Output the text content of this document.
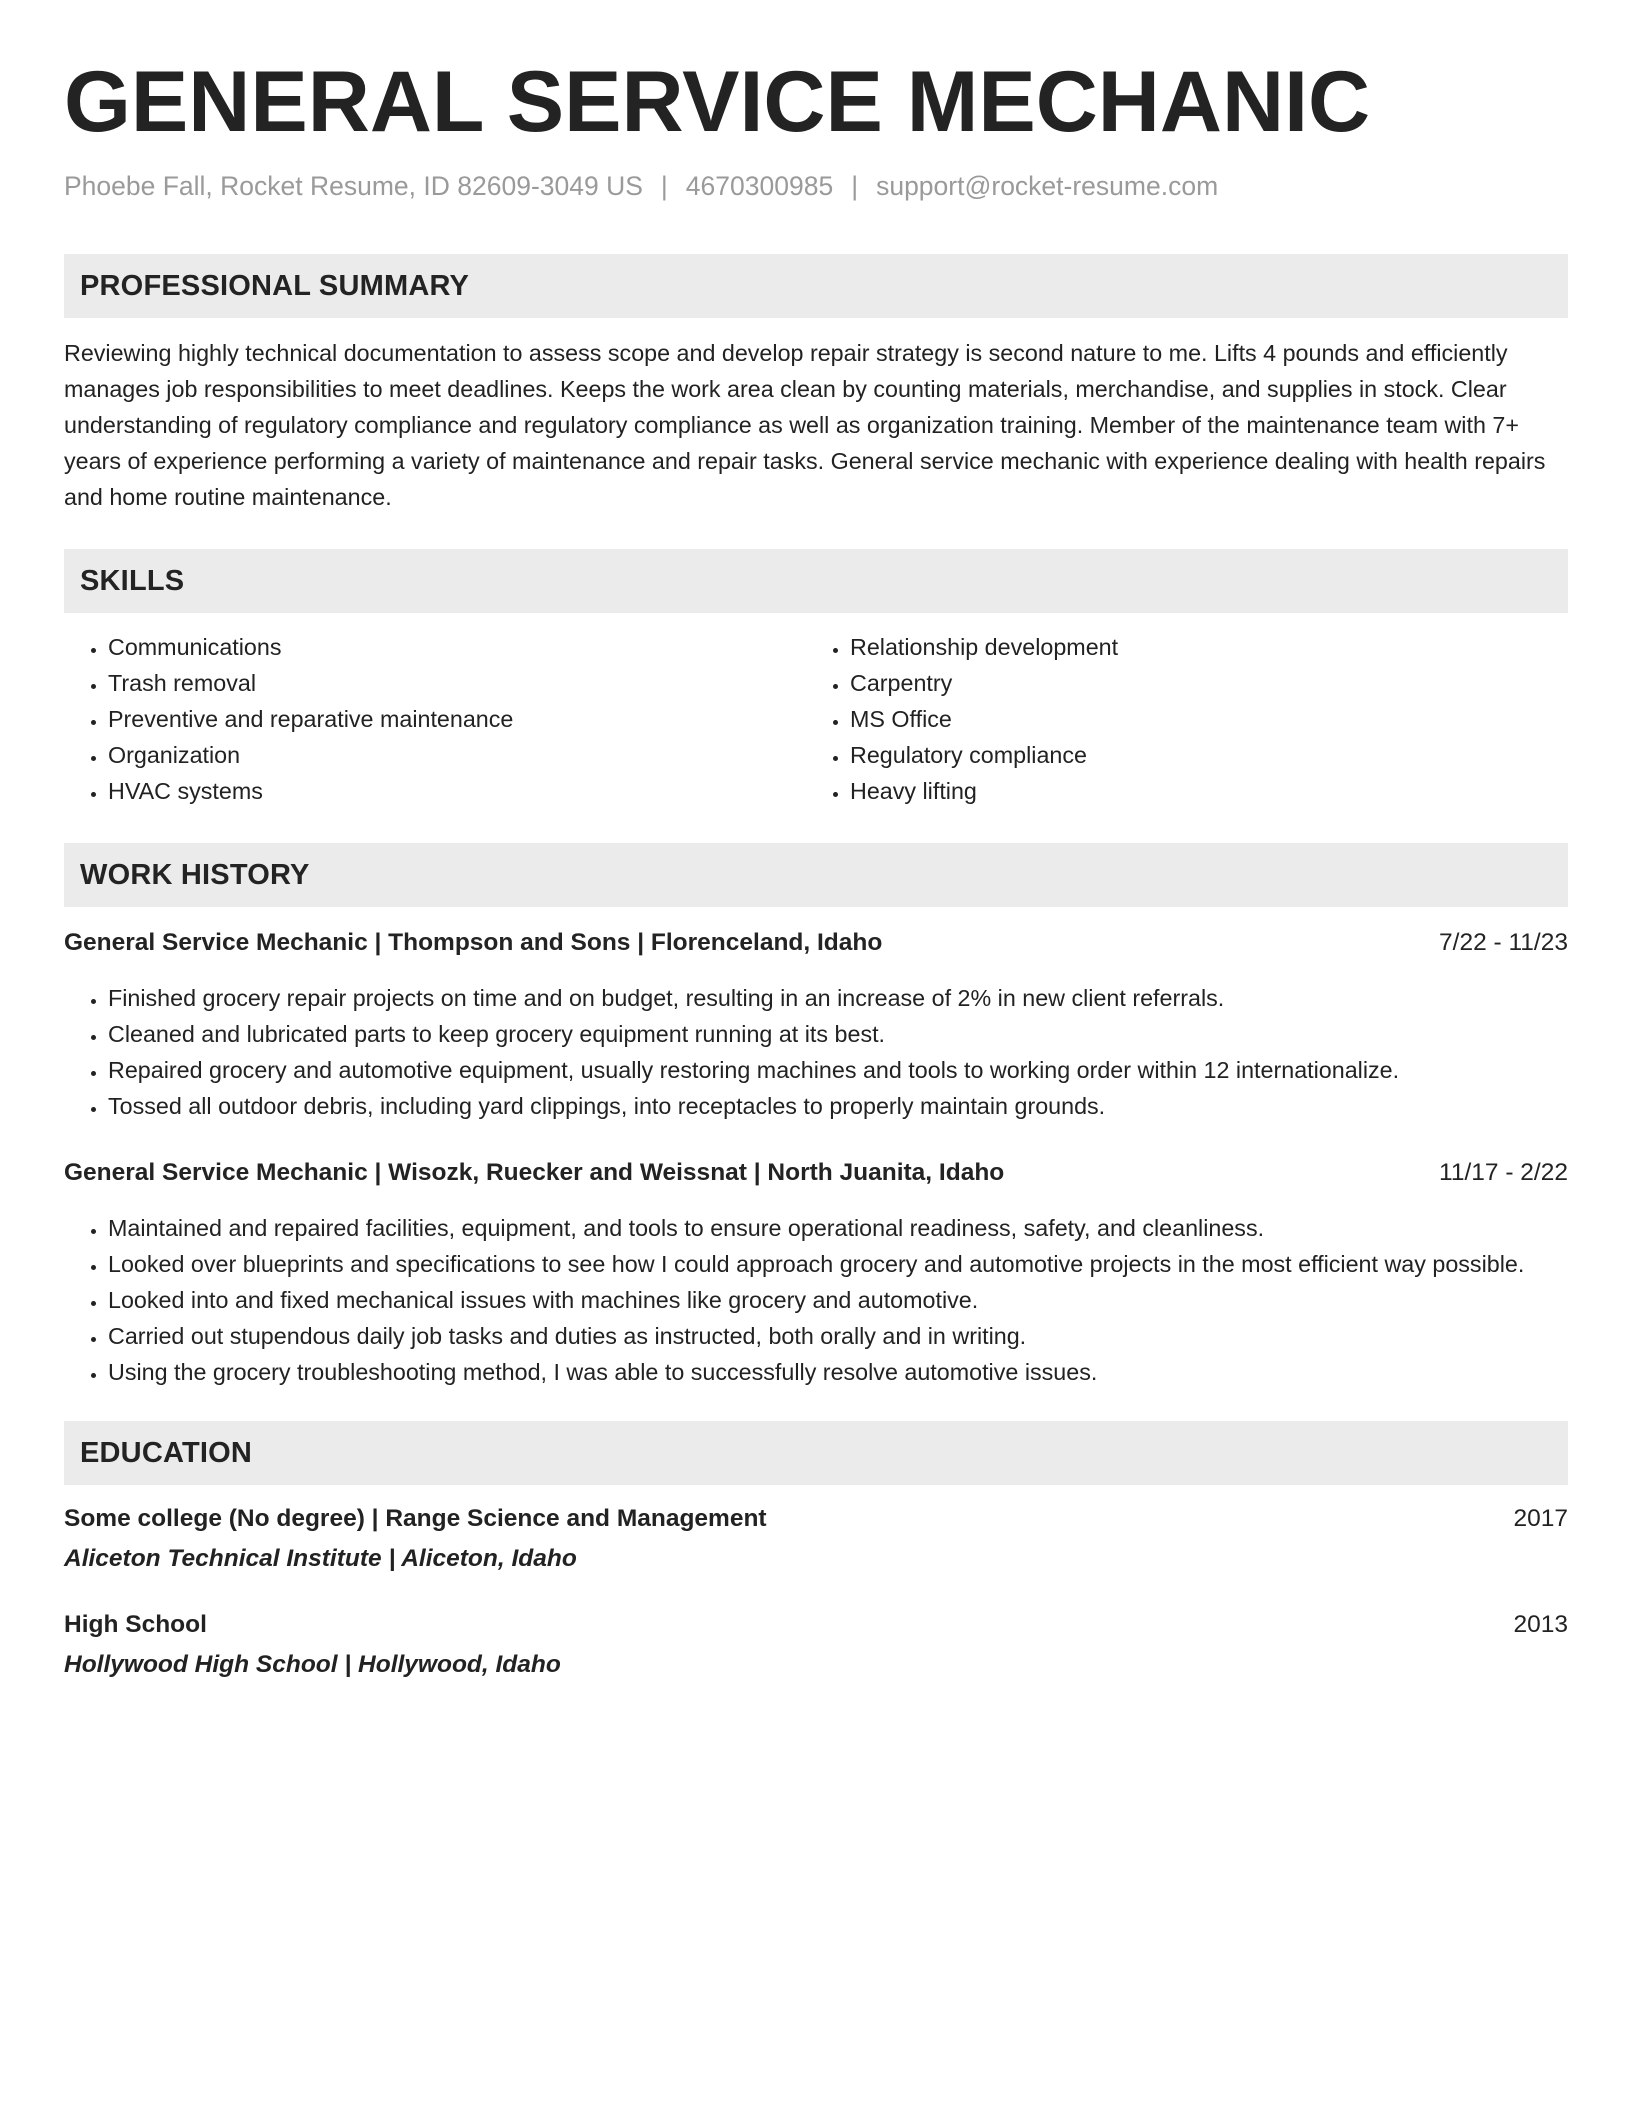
GENERAL SERVICE MECHANIC
Phoebe Fall, Rocket Resume, ID 82609-3049 US | 4670300985 | support@rocket-resume.com
PROFESSIONAL SUMMARY

Reviewing highly technical documentation to assess scope and develop repair strategy is second nature to me. Lifts 4 pounds and efficiently manages job responsibilities to meet deadlines. Keeps the work area clean by counting materials, merchandise, and supplies in stock. Clear understanding of regulatory compliance and regulatory compliance as well as organization training. Member of the maintenance team with 7+ years of experience performing a variety of maintenance and repair tasks. General service mechanic with experience dealing with health repairs and home routine maintenance.

SKILLS
• Communications
• Trash removal
• Preventive and reparative maintenance
• Organization
• HVAC systems
• Relationship development
• Carpentry
• MS Office
• Regulatory compliance
• Heavy lifting
WORK HISTORY
General Service Mechanic | Thompson and Sons | Florenceland, Idaho	7/22 - 11/23
• Finished grocery repair projects on time and on budget, resulting in an increase of 2% in new client referrals.
• Cleaned and lubricated parts to keep grocery equipment running at its best.
• Repaired grocery and automotive equipment, usually restoring machines and tools to working order within 12 internationalize.
• Tossed all outdoor debris, including yard clippings, into receptacles to properly maintain grounds.
General Service Mechanic | Wisozk, Ruecker and Weissnat | North Juanita, Idaho	11/17 - 2/22
• Maintained and repaired facilities, equipment, and tools to ensure operational readiness, safety, and cleanliness.
• Looked over blueprints and specifications to see how I could approach grocery and automotive projects in the most efficient way possible.
• Looked into and fixed mechanical issues with machines like grocery and automotive.
• Carried out stupendous daily job tasks and duties as instructed, both orally and in writing.
• Using the grocery troubleshooting method, I was able to successfully resolve automotive issues.
EDUCATION
Some college (No degree) | Range Science and Management	2017
Aliceton Technical Institute | Aliceton, Idaho
High School	2013
Hollywood High School | Hollywood, Idaho
